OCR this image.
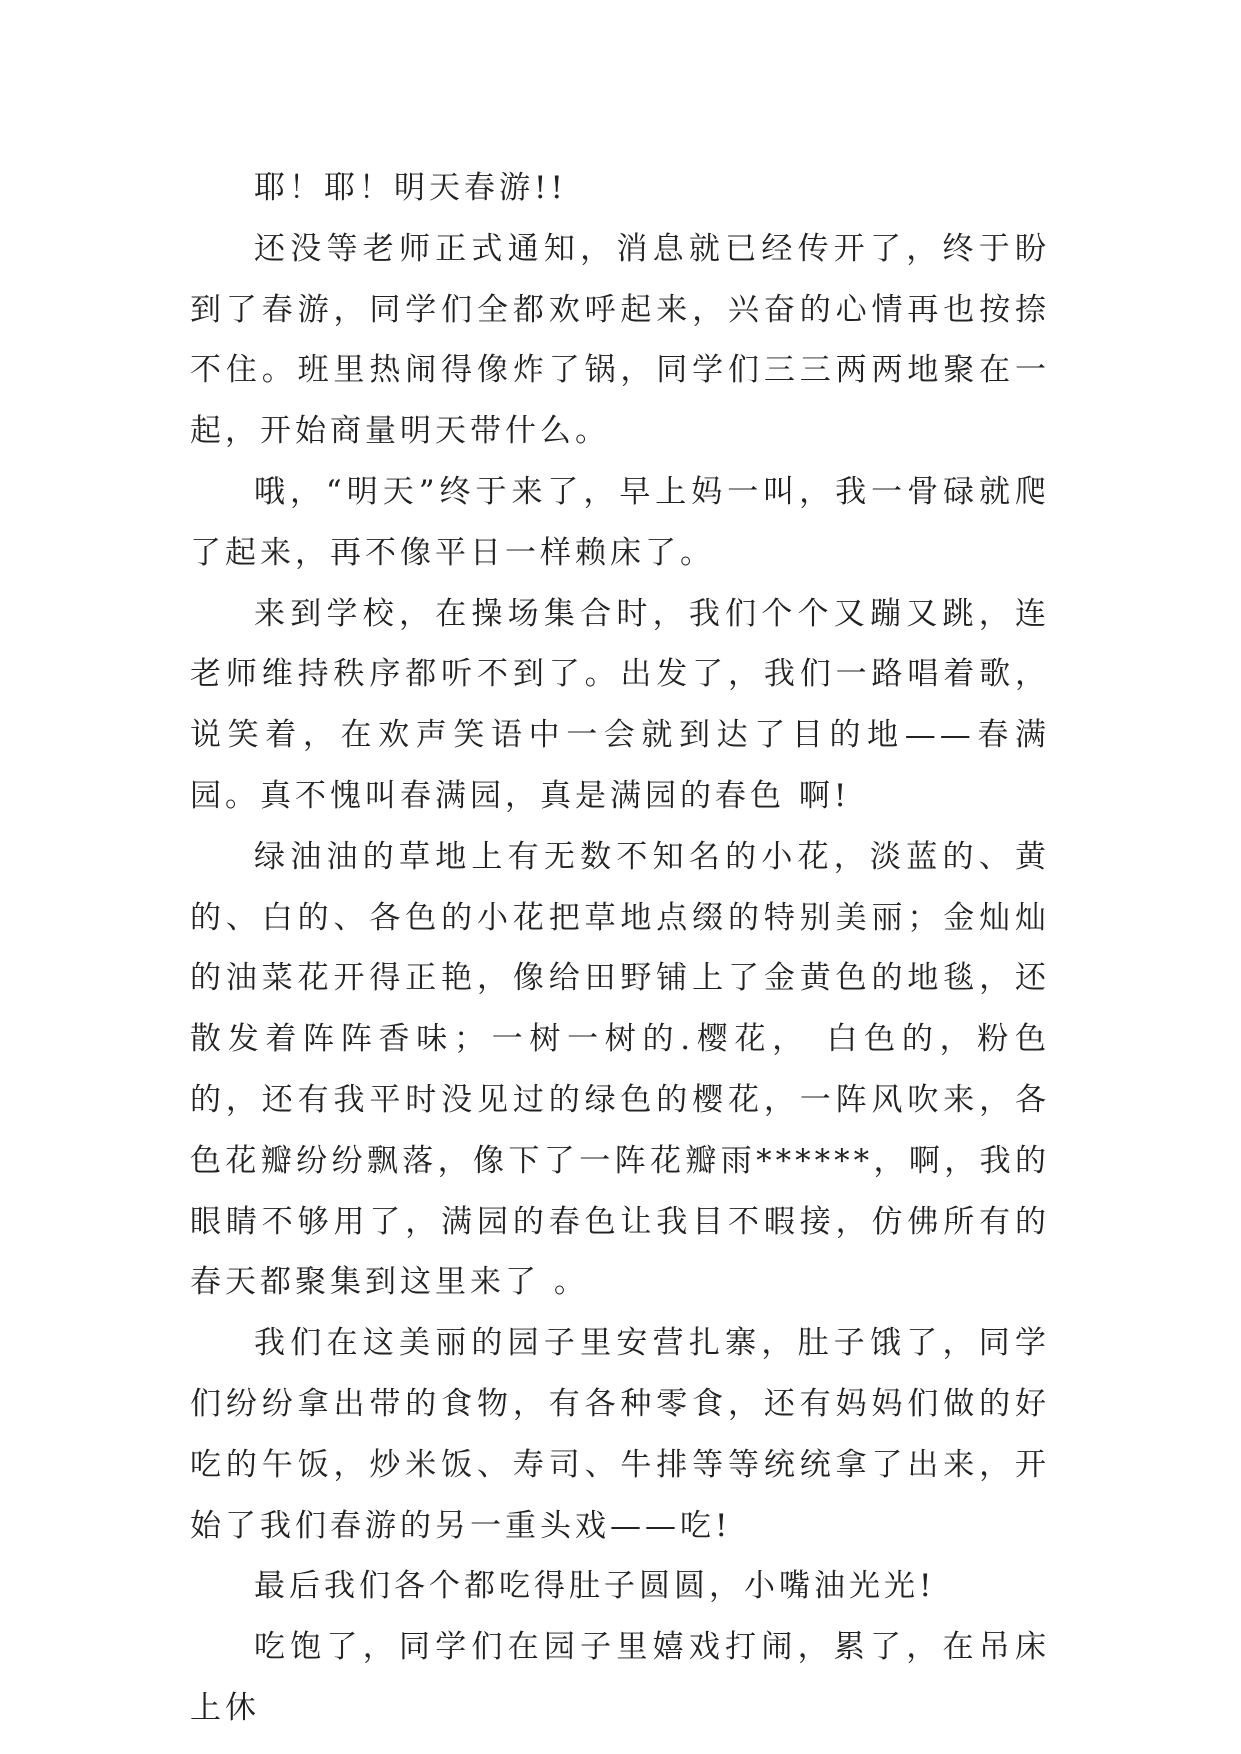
耶！耶！明天春游!!

还没等老师正式通知，消息就已经传开了，终于盼到了春游，同学们全都欢呼起来，兴奋的心情再也按捺不住。班里热闹得像炸了锅，同学们三三两两地聚在一起，开始商量明天带什么。

哦，“明天”终于来了，早上妈一叫，我一骨碌就爬了起来，再不像平日一样赖床了。

来到学校，在操场集合时，我们个个又蹦又跳，连老师维持秩序都听不到了。出发了，我们一路唱着歌，说笑着，在欢声笑语中一会就到达了目的地——春满园。真不愧叫春满园，真是满园的春色 啊!

绿油油的草地上有无数不知名的小花，淡蓝的、黄的、白的、各色的小花把草地点缀的特别美丽；金灿灿的油菜花开得正艳，像给田野铺上了金黄色的地毯，还散发着阵阵香味；一树一树的.樱花， 白色的，粉色的，还有我平时没见过的绿色的樱花，一阵风吹来，各色花瓣纷纷飘落，像下了一阵花瓣雨******，啊，我的眼睛不够用了，满园的春色让我目不暇接，仿佛所有的春天都聚集到这里来了 。

我们在这美丽的园子里安营扎寨，肚子饿了，同学们纷纷拿出带的食物，有各种零食，还有妈妈们做的好吃的午饭，炒米饭、寿司、牛排等等统统拿了出来，开始了我们春游的另一重头戏——吃!

最后我们各个都吃得肚子圆圆，小嘴油光光!

吃饱了，同学们在园子里嬉戏打闹，累了，在吊床上休
